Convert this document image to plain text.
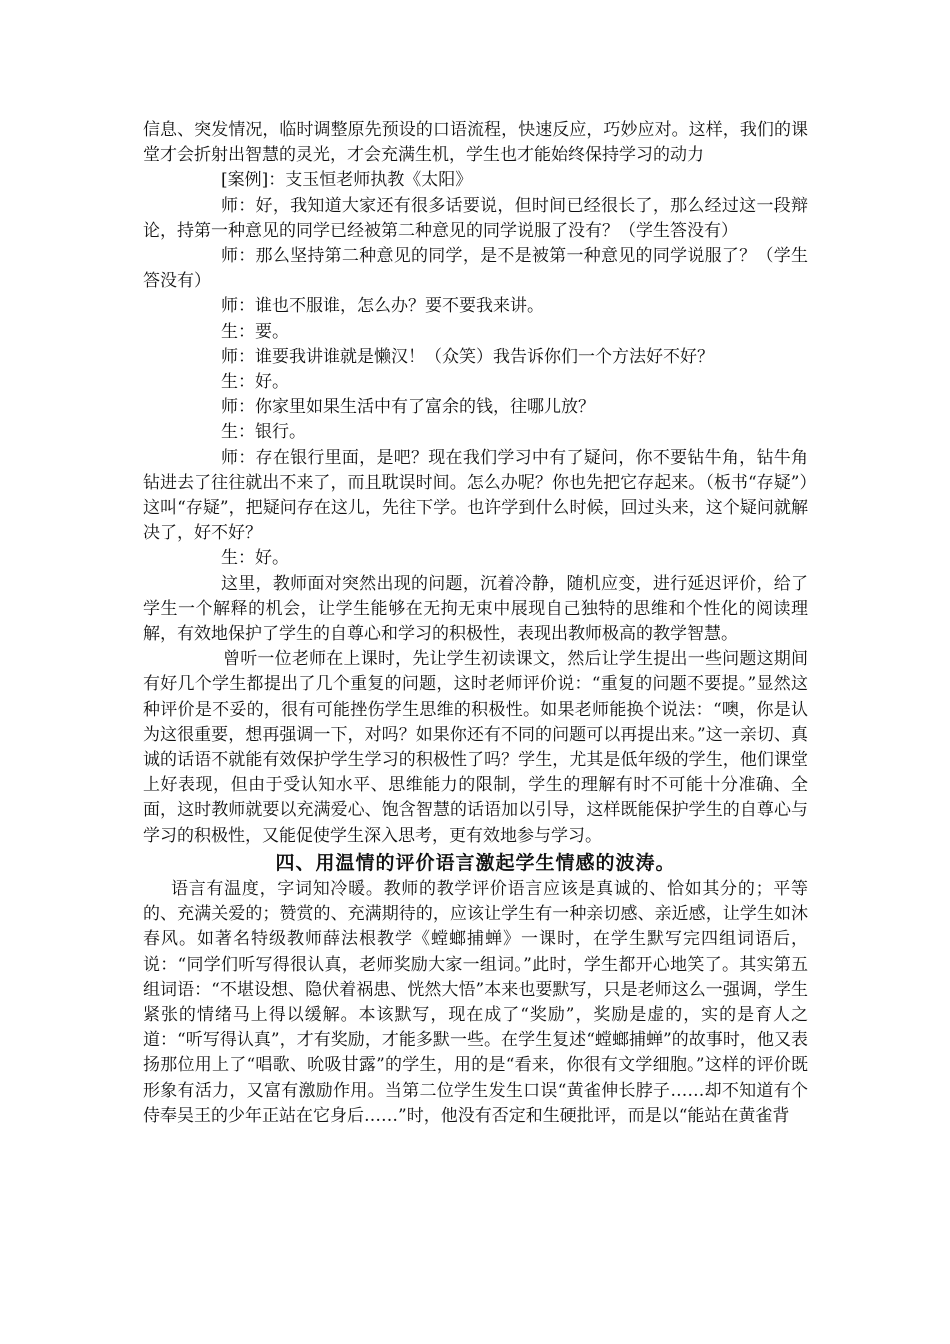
信息、突发情况，临时调整原先预设的口语流程，快速反应，巧妙应对。这样，我们的课堂才会折射出智慧的灵光，才会充满生机，学生也才能始终保持学习的动力

[案例]：支玉恒老师执教《太阳》

师：好，我知道大家还有很多话要说，但时间已经很长了，那么经过这一段辩论，持第一种意见的同学已经被第二种意见的同学说服了没有？（学生答没有）

师：那么坚持第二种意见的同学，是不是被第一种意见的同学说服了？（学生答没有）

师：谁也不服谁，怎么办？要不要我来讲。

生：要。

师：谁要我讲谁就是懒汉！（众笑）我告诉你们一个方法好不好？

生：好。

师：你家里如果生活中有了富余的钱，往哪儿放？

生：银行。

师：存在银行里面，是吧？现在我们学习中有了疑问，你不要钻牛角，钻牛角钻进去了往往就出不来了，而且耽误时间。怎么办呢？你也先把它存起来。（板书“存疑”）这叫“存疑”，把疑问存在这儿，先往下学。也许学到什么时候，回过头来，这个疑问就解决了，好不好？

生：好。

这里，教师面对突然出现的问题，沉着冷静，随机应变，进行延迟评价，给了学生一个解释的机会，让学生能够在无拘无束中展现自己独特的思维和个性化的阅读理解，有效地保护了学生的自尊心和学习的积极性，表现出教师极高的教学智慧。

曾听一位老师在上课时，先让学生初读课文，然后让学生提出一些问题这期间有好几个学生都提出了几个重复的问题，这时老师评价说：“重复的问题不要提。”显然这种评价是不妥的，很有可能挫伤学生思维的积极性。如果老师能换个说法：“噢，你是认为这很重要，想再强调一下，对吗？如果你还有不同的问题可以再提出来。”这一亲切、真诚的话语不就能有效保护学生学习的积极性了吗？学生，尤其是低年级的学生，他们课堂上好表现，但由于受认知水平、思维能力的限制，学生的理解有时不可能十分准确、全面，这时教师就要以充满爱心、饱含智慧的话语加以引导，这样既能保护学生的自尊心与学习的积极性，又能促使学生深入思考，更有效地参与学习。

四、用温情的评价语言激起学生情感的波涛。

语言有温度，字词知冷暖。教师的教学评价语言应该是真诚的、恰如其分的；平等的、充满关爱的；赞赏的、充满期待的，应该让学生有一种亲切感、亲近感，让学生如沐春风。如著名特级教师薛法根教学《螳螂捕蝉》一课时，在学生默写完四组词语后，说：“同学们听写得很认真，老师奖励大家一组词。”此时，学生都开心地笑了。其实第五组词语：“不堪设想、隐伏着祸患、恍然大悟”本来也要默写，只是老师这么一强调，学生紧张的情绪马上得以缓解。本该默写，现在成了“奖励”，奖励是虚的，实的是育人之道：“听写得认真”，才有奖励，才能多默一些。在学生复述“螳螂捕蝉”的故事时，他又表扬那位用上了“唱歌、吮吸甘露”的学生，用的是“看来，你很有文学细胞。”这样的评价既形象有活力，又富有激励作用。当第二位学生发生口误“黄雀伸长脖子……却不知道有个侍奉吴王的少年正站在它身后……”时，他没有否定和生硬批评，而是以“能站在黄雀背
